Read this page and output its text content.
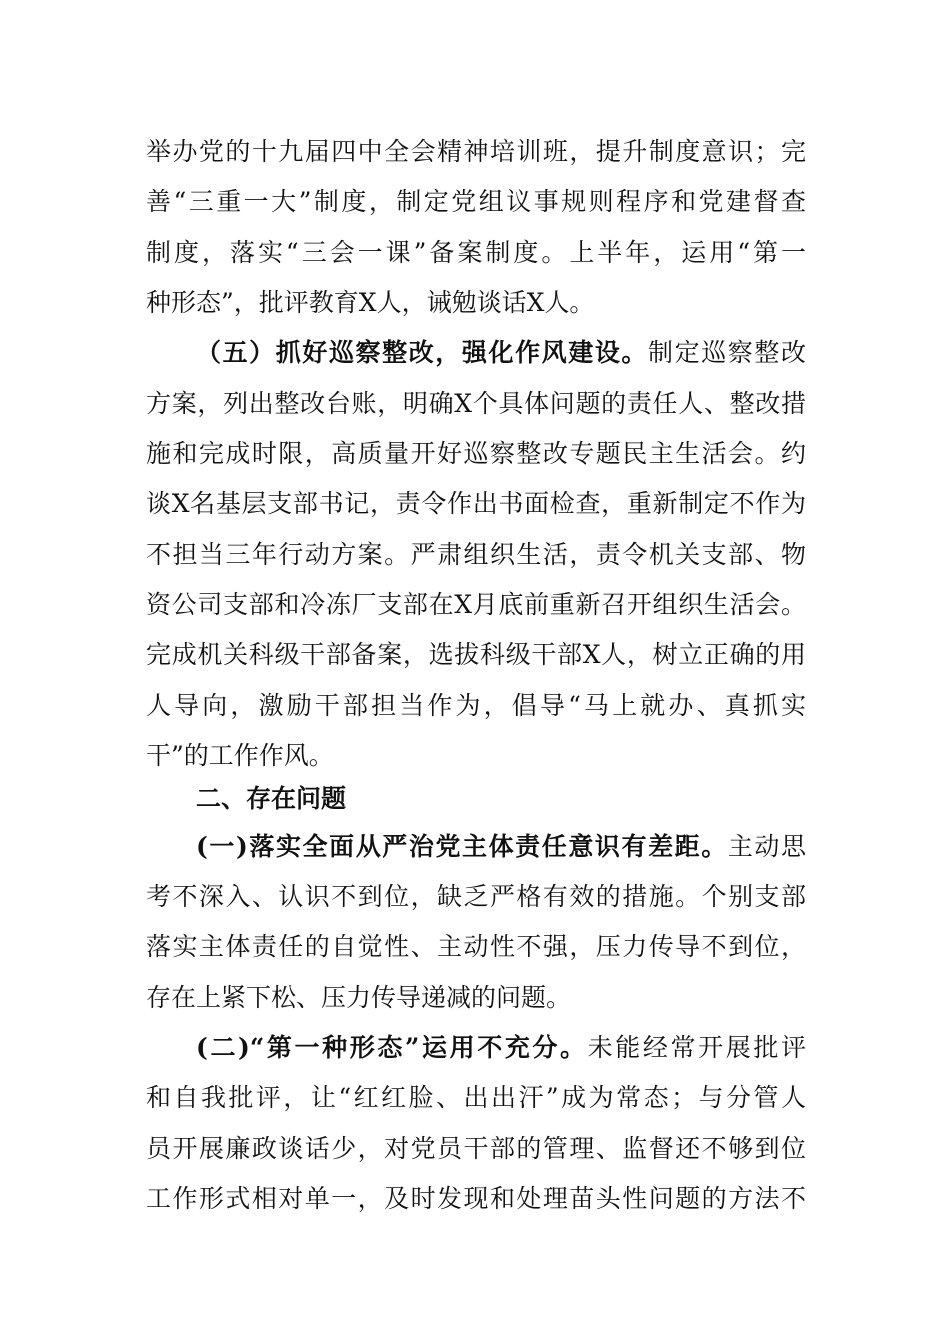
举办党的十九届四中全会精神培训班，提升制度意识；完
善“三重一大”制度，制定党组议事规则程序和党建督查
制度，落实“三会一课”备案制度。上半年，运用“第一
种形态”，批评教育X人，诫勉谈话X人。
（五）抓好巡察整改，强化作风建设。制定巡察整改
方案，列出整改台账，明确X个具体问题的责任人、整改措
施和完成时限，高质量开好巡察整改专题民主生活会。约
谈X名基层支部书记，责令作出书面检查，重新制定不作为
不担当三年行动方案。严肃组织生活，责令机关支部、物
资公司支部和冷冻厂支部在X月底前重新召开组织生活会。
完成机关科级干部备案，选拔科级干部X人，树立正确的用
人导向，激励干部担当作为，倡导“马上就办、真抓实
干”的工作作风。
二、存在问题
(一)落实全面从严治党主体责任意识有差距。主动思
考不深入、认识不到位，缺乏严格有效的措施。个别支部
落实主体责任的自觉性、主动性不强，压力传导不到位，
存在上紧下松、压力传导递减的问题。
(二)“第一种形态”运用不充分。未能经常开展批评
和自我批评，让“红红脸、出出汗”成为常态；与分管人
员开展廉政谈话少，对党员干部的管理、监督还不够到位
工作形式相对单一，及时发现和处理苗头性问题的方法不
